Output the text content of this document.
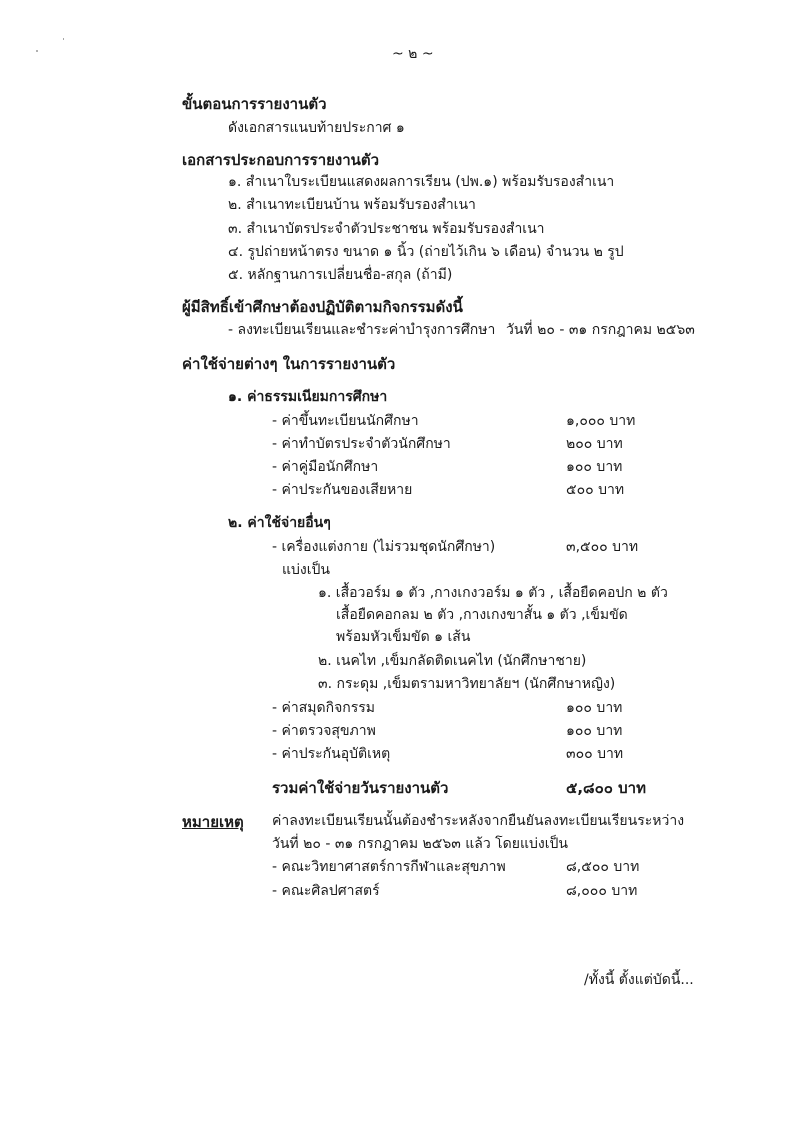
~ ๒ ~
ขั้นตอนการรายงานตัว
ดังเอกสารแนบท้ายประกาศ ๑
เอกสารประกอบการรายงานตัว
๑. สำเนาใบระเบียนแสดงผลการเรียน (ปพ.๑) พร้อมรับรองสำเนา
๒. สำเนาทะเบียนบ้าน พร้อมรับรองสำเนา
๓. สำเนาบัตรประจำตัวประชาชน พร้อมรับรองสำเนา
๔. รูปถ่ายหน้าตรง ขนาด ๑ นิ้ว (ถ่ายไว้เกิน ๖ เดือน) จำนวน ๒ รูป
๕. หลักฐานการเปลี่ยนชื่อ-สกุล (ถ้ามี)
ผู้มีสิทธิ์เข้าศึกษาต้องปฏิบัติตามกิจกรรมดังนี้
- ลงทะเบียนเรียนและชำระค่าบำรุงการศึกษา วันที่ ๒๐ - ๓๑ กรกฎาคม ๒๕๖๓
ค่าใช้จ่ายต่างๆ ในการรายงานตัว
๑. ค่าธรรมเนียมการศึกษา
- ค่าขึ้นทะเบียนนักศึกษา	๑,๐๐๐ บาท
- ค่าทำบัตรประจำตัวนักศึกษา	๒๐๐ บาท
- ค่าคู่มือนักศึกษา	๑๐๐ บาท
- ค่าประกันของเสียหาย	๕๐๐ บาท
๒. ค่าใช้จ่ายอื่นๆ
- เครื่องแต่งกาย (ไม่รวมชุดนักศึกษา)	๓,๕๐๐ บาท
แบ่งเป็น
๑. เสื้อวอร์ม ๑ ตัว ,กางเกงวอร์ม ๑ ตัว , เสื้อยืดคอปก ๒ ตัว
เสื้อยืดคอกลม ๒ ตัว ,กางเกงขาสั้น ๑ ตัว ,เข็มขัด
พร้อมหัวเข็มขัด ๑ เส้น
๒. เนคไท ,เข็มกลัดติดเนคไท (นักศึกษาชาย)
๓. กระดุม ,เข็มตรามหาวิทยาลัยฯ (นักศึกษาหญิง)
- ค่าสมุดกิจกรรม	๑๐๐ บาท
- ค่าตรวจสุขภาพ	๑๐๐ บาท
- ค่าประกันอุบัติเหตุ	๓๐๐ บาท
รวมค่าใช้จ่ายวันรายงานตัว	๕,๘๐๐ บาท
หมายเหตุ ค่าลงทะเบียนเรียนนั้นต้องชำระหลังจากยืนยันลงทะเบียนเรียนระหว่าง
วันที่ ๒๐ - ๓๑ กรกฎาคม ๒๕๖๓ แล้ว โดยแบ่งเป็น
- คณะวิทยาศาสตร์การกีฬาและสุขภาพ	๘,๕๐๐ บาท
- คณะศิลปศาสตร์	๘,๐๐๐ บาท
/ทั้งนี้ ตั้งแต่บัดนี้...
